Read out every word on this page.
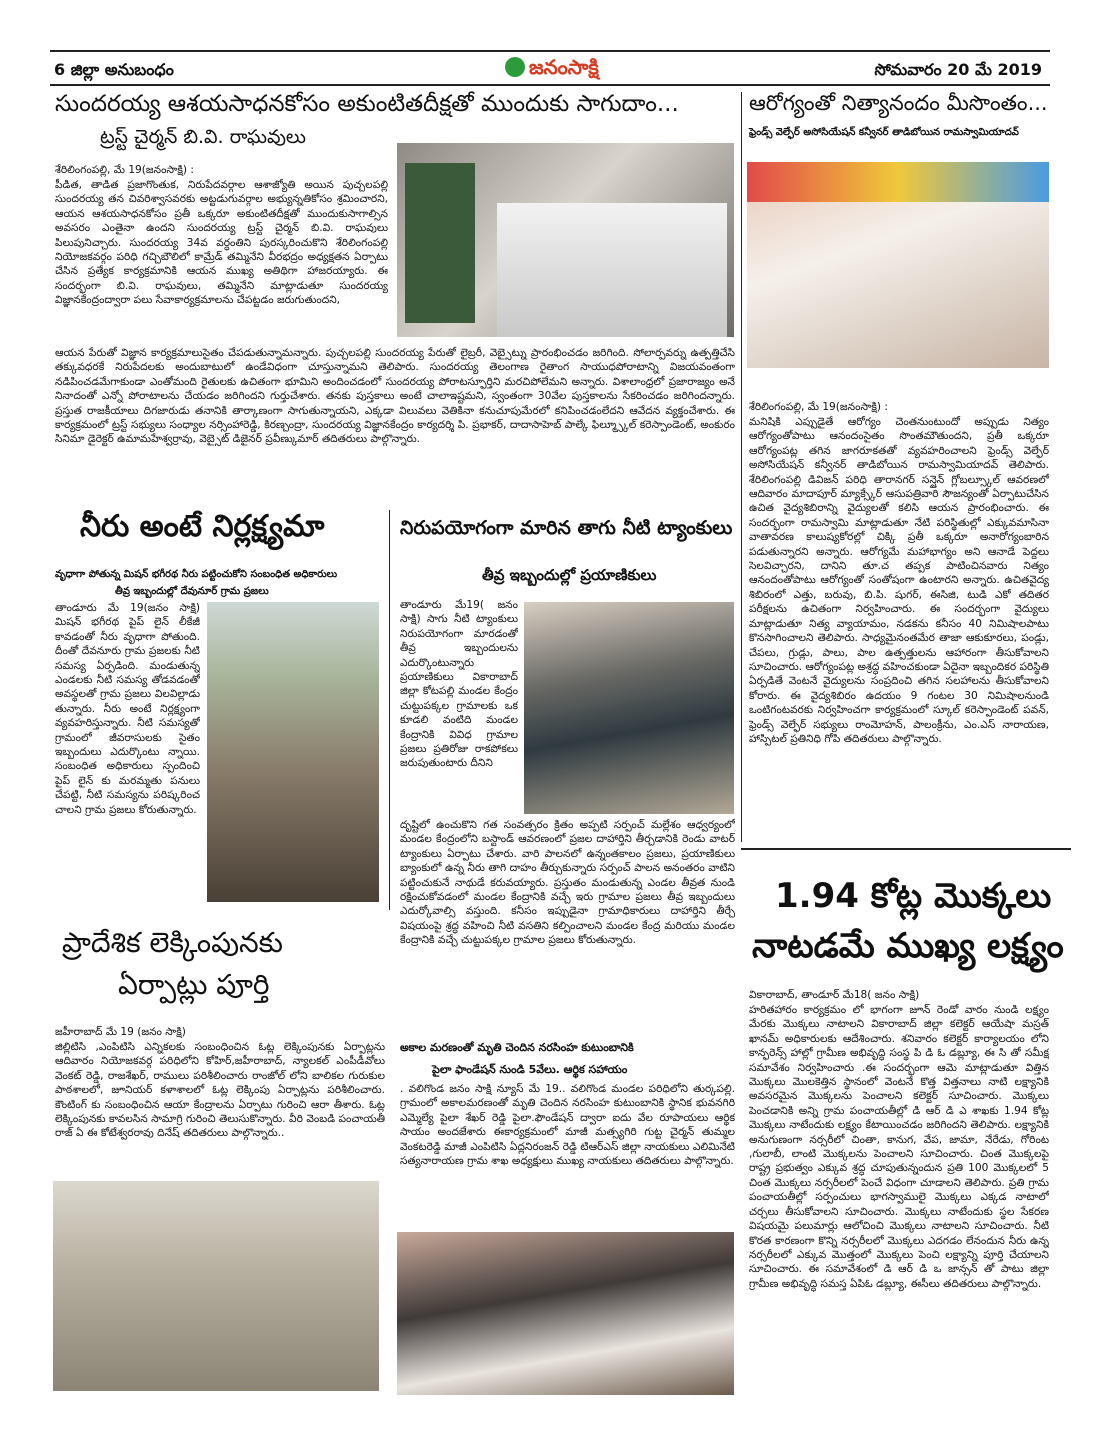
6 జిల్లా అనుబంధం	జనంసాక్షి	సోమవారం 20 మే 2019
సుందరయ్య ఆశయసాధనకోసం అకుంటితదీక్షతో ముందుకు సాగుదాం...
ట్రస్ట్ చైర్మన్ బి.వి. రాఘవులు
శేరిలింగంపల్లి, మే 19(జనంసాక్షి) :
పీడిత, తాడిత ప్రజాగొంతుక, నిరుపేదవర్గాల ఆశాజ్యోతి అయిన పుచ్చలపల్లి సుందరయ్య తన చివరిశ్వాసవరకు అట్టడుగువర్గాల అభ్యున్నతికోసం శ్రమించారని, ఆయన ఆశయసాధనకోసం ప్రతీ ఒక్కరూ అకుంటితదీక్షతో ముందుకుసాగాల్సిన అవసరం ఎంతైనా ఉందని సుందరయ్య ట్రస్ట్ చైర్మన్ బి.వి. రాఘవులు పిలుపునిచ్చారు. సుందరయ్య 34వ వర్ధంతిని పురస్కరించుకొని శేరిలింగంపల్లి నియోజకవర్గం పరిధి గచ్చిబౌలిలో కామ్రేడ్ తమ్మినేని వీరభద్రం అధ్యక్షతన ఏర్పాటు చేసిన ప్రత్యేక కార్యక్రమానికి ఆయన ముఖ్య అతిథిగా హాజరయ్యారు. ఈ సందర్భంగా బి.వి. రాఘవులు, తమ్మినేని మాట్లాడుతూ సుందరయ్య విజ్ఞానకేంద్రంద్వారా పలు సేవాకార్యక్రమాలను చేపట్టడం జరుగుతుందని,
ఆయన పేరుతో విజ్ఞాన కార్యక్రమాలుసైతం చేపడుతున్నామన్నారు. పుచ్చలపల్లి సుందరయ్య పేరుతో లైబ్రరీ, వెబ్సైట్ను ప్రారంభించడం జరిగింది. సోలార్పవర్ను ఉత్పత్తిచేసి తక్కువధరకే నిరుపేదలకు అందుబాటులో ఉండేవిధంగా చూస్తున్నామని తెలిపారు. సుందరయ్య తెలంగాణ రైతాంగ సాయుధపోరాటాన్ని విజయవంతంగా నడిపించడమేగాకుండా ఎంతోమంది రైతులకు ఉచితంగా భూమిని అందించడంలో సుందరయ్య పోరాటస్ఫూర్తిని మరచిపోలేమని అన్నారు. విశాలాంధ్రలో ప్రజారాజ్యం అనే నినాదంతో ఎన్నో పోరాటాలను చేయడం జరిగిందని గుర్తుచేశారు. తనకు పుస్తకాలు అంటే చాలాఇష్టమని, స్వంతంగా 30వేల పుస్తకాలను సేకరించడం జరిగిందన్నారు. ప్రస్తుత రాజకీయాలు దిగజారుడు తనానికి తార్కాణంగా సాగుతున్నాయని, ఎక్కడా విలువలు వెతికినా కనుచూపుమేరలో కనిపించడంలేదని ఆవేదన వ్యక్తంచేశారు. ఈ కార్యక్రమంలో ట్రస్ట్ సభ్యులు సంధ్యాల నర్సింహారెడ్డి, కిరణ్చంద్రా, సుందరయ్య విజ్ఞానకేంద్రం కార్యదర్శి పి. ప్రభాకర్, దాదాసాహెబ్ పాల్కే ఫిల్మ్స్కూల్ కరెస్పాండెంట్, అంకురం సినిమా డైరెక్టర్ ఉమామహేశ్వర్రావు, వెబ్సైట్ డిజైనర్ ప్రవీణ్కుమార్ తదితరులు పాల్గొన్నారు.
ఆరోగ్యంతో నిత్యానందం మీసొంతం...
ఫ్రెండ్స్ వెల్ఫేర్ అసోసియేషన్ కన్వీనర్ తాడిబోయిన రామస్వామియాదవ్
శేరిలింగంపల్లి, మే 19(జనంసాక్షి) :
మనిషికి ఎప్పుడైతే ఆరోగ్యం చెంతనుంటుందో అప్పుడు నిత్యం ఆరోగ్యంతోపాటు ఆనందంసైతం సొంతమౌతుందని, ప్రతీ ఒక్కరూ ఆరోగ్యంపట్ల తగిన జాగరూకతతో వ్యవహరించాలని ఫ్రెండ్స్ వెల్ఫేర్ అసోసియేషన్ కన్వీనర్ తాడిబోయిన రామస్వామియాదవ్ తెలిపారు. శేరిలింగంపల్లి డివిజన్ పరిధి తారానగర్ సన్షైన్ గ్లోబల్స్కూల్ ఆవరణలో ఆదివారం మాదాపూర్ మ్యాక్స్కేర్ ఆసుపత్రివారి సౌజన్యంతో ఏర్పాటుచేసిన ఉచిత వైద్యశిబిరాన్ని వైద్యులతో కలిసి ఆయన ప్రారంభించారు. ఈ సందర్భంగా రామస్వామి మాట్లాడుతూ నేటి పరిస్థితుల్లో ఎక్కువమాసినా వాతావరణ కాలుష్యకోరల్లో చిక్కి ప్రతీ ఒక్కరూ అనారోగ్యంబారిన పడుతున్నారని అన్నారు. ఆరోగ్యమే మహాభాగ్యం అని ఆనాడే పెద్దలు సెలవిచ్చారని, దానిని తూ.చ తప్పక పాటించినవారు నిత్యం ఆనందంతోపాటు ఆరోగ్యంతో సంతోషంగా ఉంటారని అన్నారు. ఉచితవైద్య శిబిరంలో ఎత్తు, బరువు, బి.పి. షుగర్, ఈసిజి, టుడి ఎకో తదితర పరీక్షలను ఉచితంగా నిర్వహించారు. ఈ సందర్భంగా వైద్యులు మాట్లాడుతూ నిత్య వ్యాయామం, నడకను కనీసం 40 నిమిషాలపాటు కొనసాగించాలని తెలిపారు. సాధ్యమైనంతమేర తాజా ఆకుకూరలు, పండ్లు, చేపలు, గ్రుడ్లు, పాలు, పాల ఉత్పత్తులను ఆహారంగా తీసుకోవాలని సూచించారు. ఆరోగ్యంపట్ల అశ్రద్ధ వహించకుండా ఏదైనా ఇబ్బందికర పరిస్థితి ఏర్పడితే వెంటనే వైద్యులను సంప్రదించి తగిన సలహాలను తీసుకోవాలని కోరారు. ఈ వైద్యశిబిరం ఉదయం 9 గంటల 30 నిమిషాలనుండి ఒంటిగంటవరకు నిర్వహించగా కార్యక్రమంలో స్కూల్ కరెస్పాండెంట్ పవన్, ఫ్రెండ్స్ వెల్ఫేర్ సభ్యులు రాంమోహన్, పాలంక్రీను, ఎం.ఎస్ నారాయణ, హాస్పిటల్ ప్రతినిధి గోపి తదితరులు పాల్గొన్నారు.
నీరు అంటే నిర్లక్ష్యమా
వృధాగా పోతున్న మిషన్ భగీరథ నీరు పట్టించుకోని సంబంధిత అధికారులు
తీవ్ర ఇబ్బందుల్లో దేవునూర్ గ్రామ ప్రజలు
తాండూరు మే 19(జనం సాక్షి) మిషన్ భగీరథ పైప్ లైన్ లీకేజీ కావడంతో నీరు వృధాగా పోతుంది. దీంతో దేవనూరు గ్రామ ప్రజలకు నీటి సమస్య ఏర్పడింది. మండుతున్న ఎండలకు నీటి సమస్య తోడవడంతో అవస్థలతో గ్రామ ప్రజలు విలవిల్లాడు తున్నారు. నీరు అంటే నిర్లక్ష్యంగా వ్యవహరిస్తున్నారు. నీటి సమస్యతో గ్రామంలో జీవరాసులకు సైతం ఇబ్బందులు ఎదుర్కొంటు న్నాయి. సంబంధిత అధికారులు స్పందించి పైప్ లైన్ కు మరమ్మతు పనులు చేపట్టి, నీటి సమస్యను పరిష్కరించ చాలని గ్రామ ప్రజలు కోరుతున్నారు.
నిరుపయోగంగా మారిన తాగు నీటి ట్యాంకులు
తీవ్ర ఇబ్బందుల్లో ప్రయాణికులు
తాండూరు మే19( జనం సాక్షి) సాగు నీటి ట్యాంకులు నిరుపయోగంగా మారడంతో తీవ్ర ఇబ్బందులను ఎదుర్కొంటున్నారు ప్రయాణికులు వికారాబాద్ జిల్లా కోటపల్లి మండల కేంద్రం చుట్టుపక్కల గ్రామాలకు ఒక కూడలి వంటిది మండల కేంద్రానికి వివిధ గ్రామాల ప్రజలు ప్రతిరోజు రాకపోకలు జరుపుతుంటారు దీనిని
దృష్టిలో ఉంచుకొని గత సంవత్సరం క్రితం అప్పటి సర్పంచ్ మల్లేశం ఆధ్వర్యంలో మండల కేంద్రంలోని బస్టాండ్ ఆవరణంలో ప్రజల దాహార్తిని తీర్చడానికి రెండు వాటర్ ట్యాంకులు ఏర్పాటు చేశారు. వారి పాలనలో ఉన్నంతకాలం ప్రజలు, ప్రయాణికులు బ్యాంకులో ఉన్న నీరు తాగి దాహం తీర్చుకున్నారు సర్పంచ్ పాలన అనంతరం వాటిని పట్టించుకునే నాథుడే కరువయ్యారు. ప్రస్తుతం మండుతున్న ఎండల తీవ్రత నుండి రక్షించుకోవడంలో మండల కేంద్రానికి వచ్చే ఇరు గ్రామాల ప్రజలు తీవ్ర ఇబ్బందులు ఎదుర్కోవాల్సి వస్తుంది. కనీసం ఇప్పుడైనా గ్రామాధికారులు దాహార్తిని తీర్చే విషయంపై శ్రద్ధ వహించి నీటి వసతిని కల్పించాలని మండల కేంద్ర మరియు మండల కేంద్రానికి వచ్చే చుట్టుపక్కల గ్రామాల ప్రజలు కోరుతున్నారు.
ప్రాదేశిక లెక్కింపునకు
ఏర్పాట్లు పూర్తి
జహీరాబాద్ మే 19 (జనం సాక్షి)
జిల్లిటిసి ,ఎంపిటిసి ఎన్నికలకు సంబంధించిన ఓట్ల లెక్కింపునకు ఏర్పాట్లను ఆదివారం నియోజకవర్గ పరిధిలోని కోహిర్,జహీరాబాద్, న్యాలకల్ ఎంపీడీవోలు వెంకట్ రెడ్డి, రాజశేఖర్, రాములు పరిశీలించారు రాంజోల్ లోని బాలికల గురుకుల పాఠశాలలో, జూనియర్ కళాశాలలో ఓట్ల లెక్కింపు ఏర్పాట్లను పరిశీలించారు. కౌంటింగ్ కు సంబంధించిన ఆయా కేంద్రాలను ఏర్పాటు గురించి ఆరా తీశారు. ఓట్ల లెక్కింపునకు కావలసిన సామాగ్రి గురించి తెలుసుకొన్నారు. వీరి వెంబడి పంచాయతీ రాజ్ ఏ ఈ కోటేశ్వరరావు దినేష్ తదితరులు పాల్గొన్నారు..
అకాల మరణంతో మృతి చెందిన నరసింహ కుటుంబానికి
పైలా ఫాండేషన్ నుండి 5వేలు. ఆర్థిక సహాయం
. వలిగొండ జనం సాక్షి న్యూస్ మే 19.. వలిగొండ మండల పరిధిలోని తుర్కపల్లి. గ్రామంలో అకాలమరణంతో మృతి చెందిన నరసింహ కుటుంబానికి స్థానిక భువనగిరి ఎమ్మెల్యే పైలా శేఖర్ రెడ్డి పైలా.ఫౌండేషన్ ద్వారా ఐదు వేల రూపాయలు ఆర్థిక సాయం అందజేశారు ఈకార్యక్రమంలో మాజీ మత్స్యగిరి గుట్ట చైర్మన్ తుమ్మల వెంకటరెడ్డి మాజీ ఎంపిటిసి ఏద్లనిరంజన్ రెడ్డి టిఆర్ఎస్ జిల్లా నాయకులు ఎలిమినేటి సత్యనారాయణ గ్రామ శాఖ అధ్యక్షులు ముఖ్య నాయకులు తదితరులు పాల్గొన్నారు.
1.94 కోట్ల మొక్కలు
నాటడమే ముఖ్య లక్ష్యం
వికారాబాద్, తాండూర్ మే18( జనం సాక్షి)
హరితహారం కార్యక్రమం లో భాగంగా జూన్ రెండో వారం నుండి లక్ష్యం మేరకు మొక్కలు నాటాలని వికారాబాద్ జిల్లా కలెక్టర్ ఆయేషా మస్రత్ ఖానమ్ అధికారులకు ఆదేశించారు. శనివారం కలెక్టర్ కార్యాలయం లోని కాన్ఫరెన్స్ హాల్లో గ్రామీణ అభివృద్ధి సంస్థ పి డి ఓ డబ్ల్యూ, ఈ సి తో సమీక్ష సమావేశం నిర్వహించారు .ఈ సందర్భంగా ఆమె మాట్లాడుతూ విత్తిన మొక్కలు మొలకెత్తిన స్థానంలో వెంటనే కొత్త విత్తనాలు నాటి లక్ష్యానికి అవసరమైన మొక్కలను పెంచాలని కలెక్టర్ సూచించారు. మొక్కలు పెంచడానికి అన్ని గ్రామ పంచాయతీల్లో డి ఆర్ డి ఎ శాఖకు 1.94 కోట్ల మొక్కలు నాటేందుకు లక్ష్యం కేటాయించడం జరిగిందని తెలిపారు. లక్ష్యానికి అనుగుణంగా నర్సరీలో చింతా, కానుగ, వేప, జామా, నేరేడు, గోరింట ,గులాబీ, లాంటి మొక్కలను పెంచాలని సూచించారు. చింత మొక్కలపై రాష్ట్ర ప్రభుత్వం ఎక్కువ శ్రద్ధ చూపుతున్నందున ప్రతి 100 మొక్కలలో 5 చింత మొక్కలు నర్సరీలలో పెంచే విధంగా చూడాలని తెలిపారు. ప్రతి గ్రామ పంచాయతీల్లో సర్పంచులు భాగస్వాములై మొక్కలు ఎక్కడ నాటాలో చర్చలు తీసుకోవాలని సూచించారు. మొక్కలు నాటేందుకు స్థల సేకరణ విషయమై పలుమార్లు ఆలోచించి మొక్కలు నాటాలని సూచించారు. నీటి కొరత కారణంగా కొన్ని నర్సరీలలో మొక్కలు ఎదగడం లేనందున నీరు ఉన్న నర్సరీలలో ఎక్కువ మొత్తంలో మొక్కలు పెంచి లక్ష్యాన్ని పూర్తి చేయాలని సూచించారు. ఈ సమావేశంలో డి ఆర్ డి ఒ జాన్సన్ తో పాటు జిల్లా గ్రామీణ అభివృద్ధి సమస్త ఏపిఓ డబ్ల్యూ, ఈసీలు తదితరులు పాల్గొన్నారు.
